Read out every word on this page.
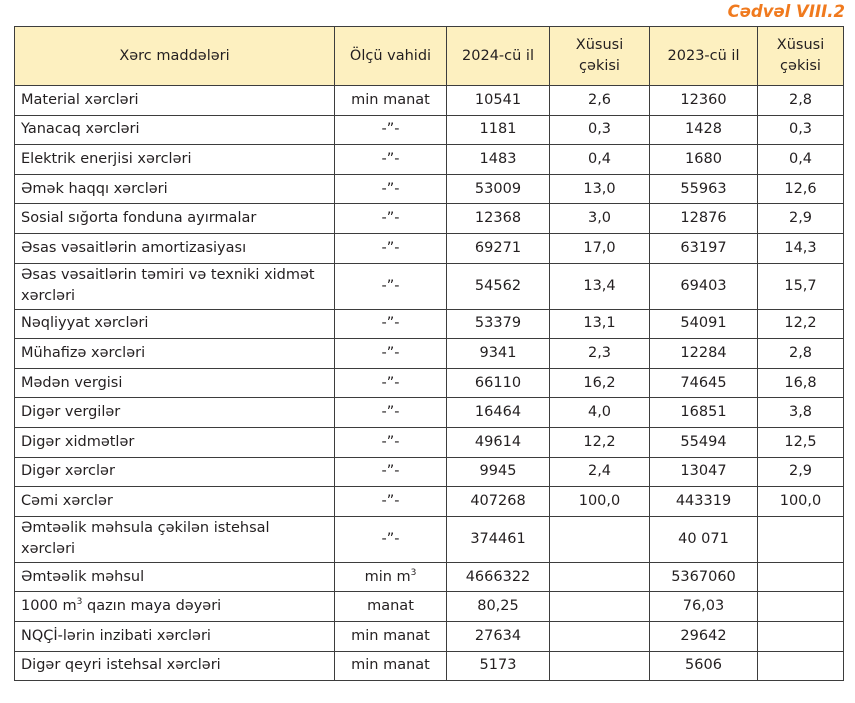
Cədvəl VIII.2
Xərc maddələri	Ölçü vahidi	2024-cü il	Xüsusi çəkisi	2023-cü il	Xüsusi çəkisi
Material xərcləri	min manat	10541	2,6	12360	2,8
Yanacaq xərcləri	-”-	1181	0,3	1428	0,3
Elektrik enerjisi xərcləri	-”-	1483	0,4	1680	0,4
Əmək haqqı xərcləri	-”-	53009	13,0	55963	12,6
Sosial sığorta fonduna ayırmalar	-”-	12368	3,0	12876	2,9
Əsas vəsaitlərin amortizasiyası	-”-	69271	17,0	63197	14,3
Əsas vəsaitlərin təmiri və texniki xidmət xərcləri	-”-	54562	13,4	69403	15,7
Nəqliyyat xərcləri	-”-	53379	13,1	54091	12,2
Mühafizə xərcləri	-”-	9341	2,3	12284	2,8
Mədən vergisi	-”-	66110	16,2	74645	16,8
Digər vergilər	-”-	16464	4,0	16851	3,8
Digər xidmətlər	-”-	49614	12,2	55494	12,5
Digər xərclər	-”-	9945	2,4	13047	2,9
Cəmi xərclər	-”-	407268	100,0	443319	100,0
Əmtəəlik məhsula çəkilən istehsal xərcləri	-”-	374461		40 071	
Əmtəəlik məhsul	$\min m^3$	4666322		5367060	
1000 $m^3$ qazın maya dəyəri	manat	80,25		76,03	
NQÇİ-lərin inzibati xərcləri	min manat	27634		29642	
Digər qeyri istehsal xərcləri	min manat	5173		5606	
